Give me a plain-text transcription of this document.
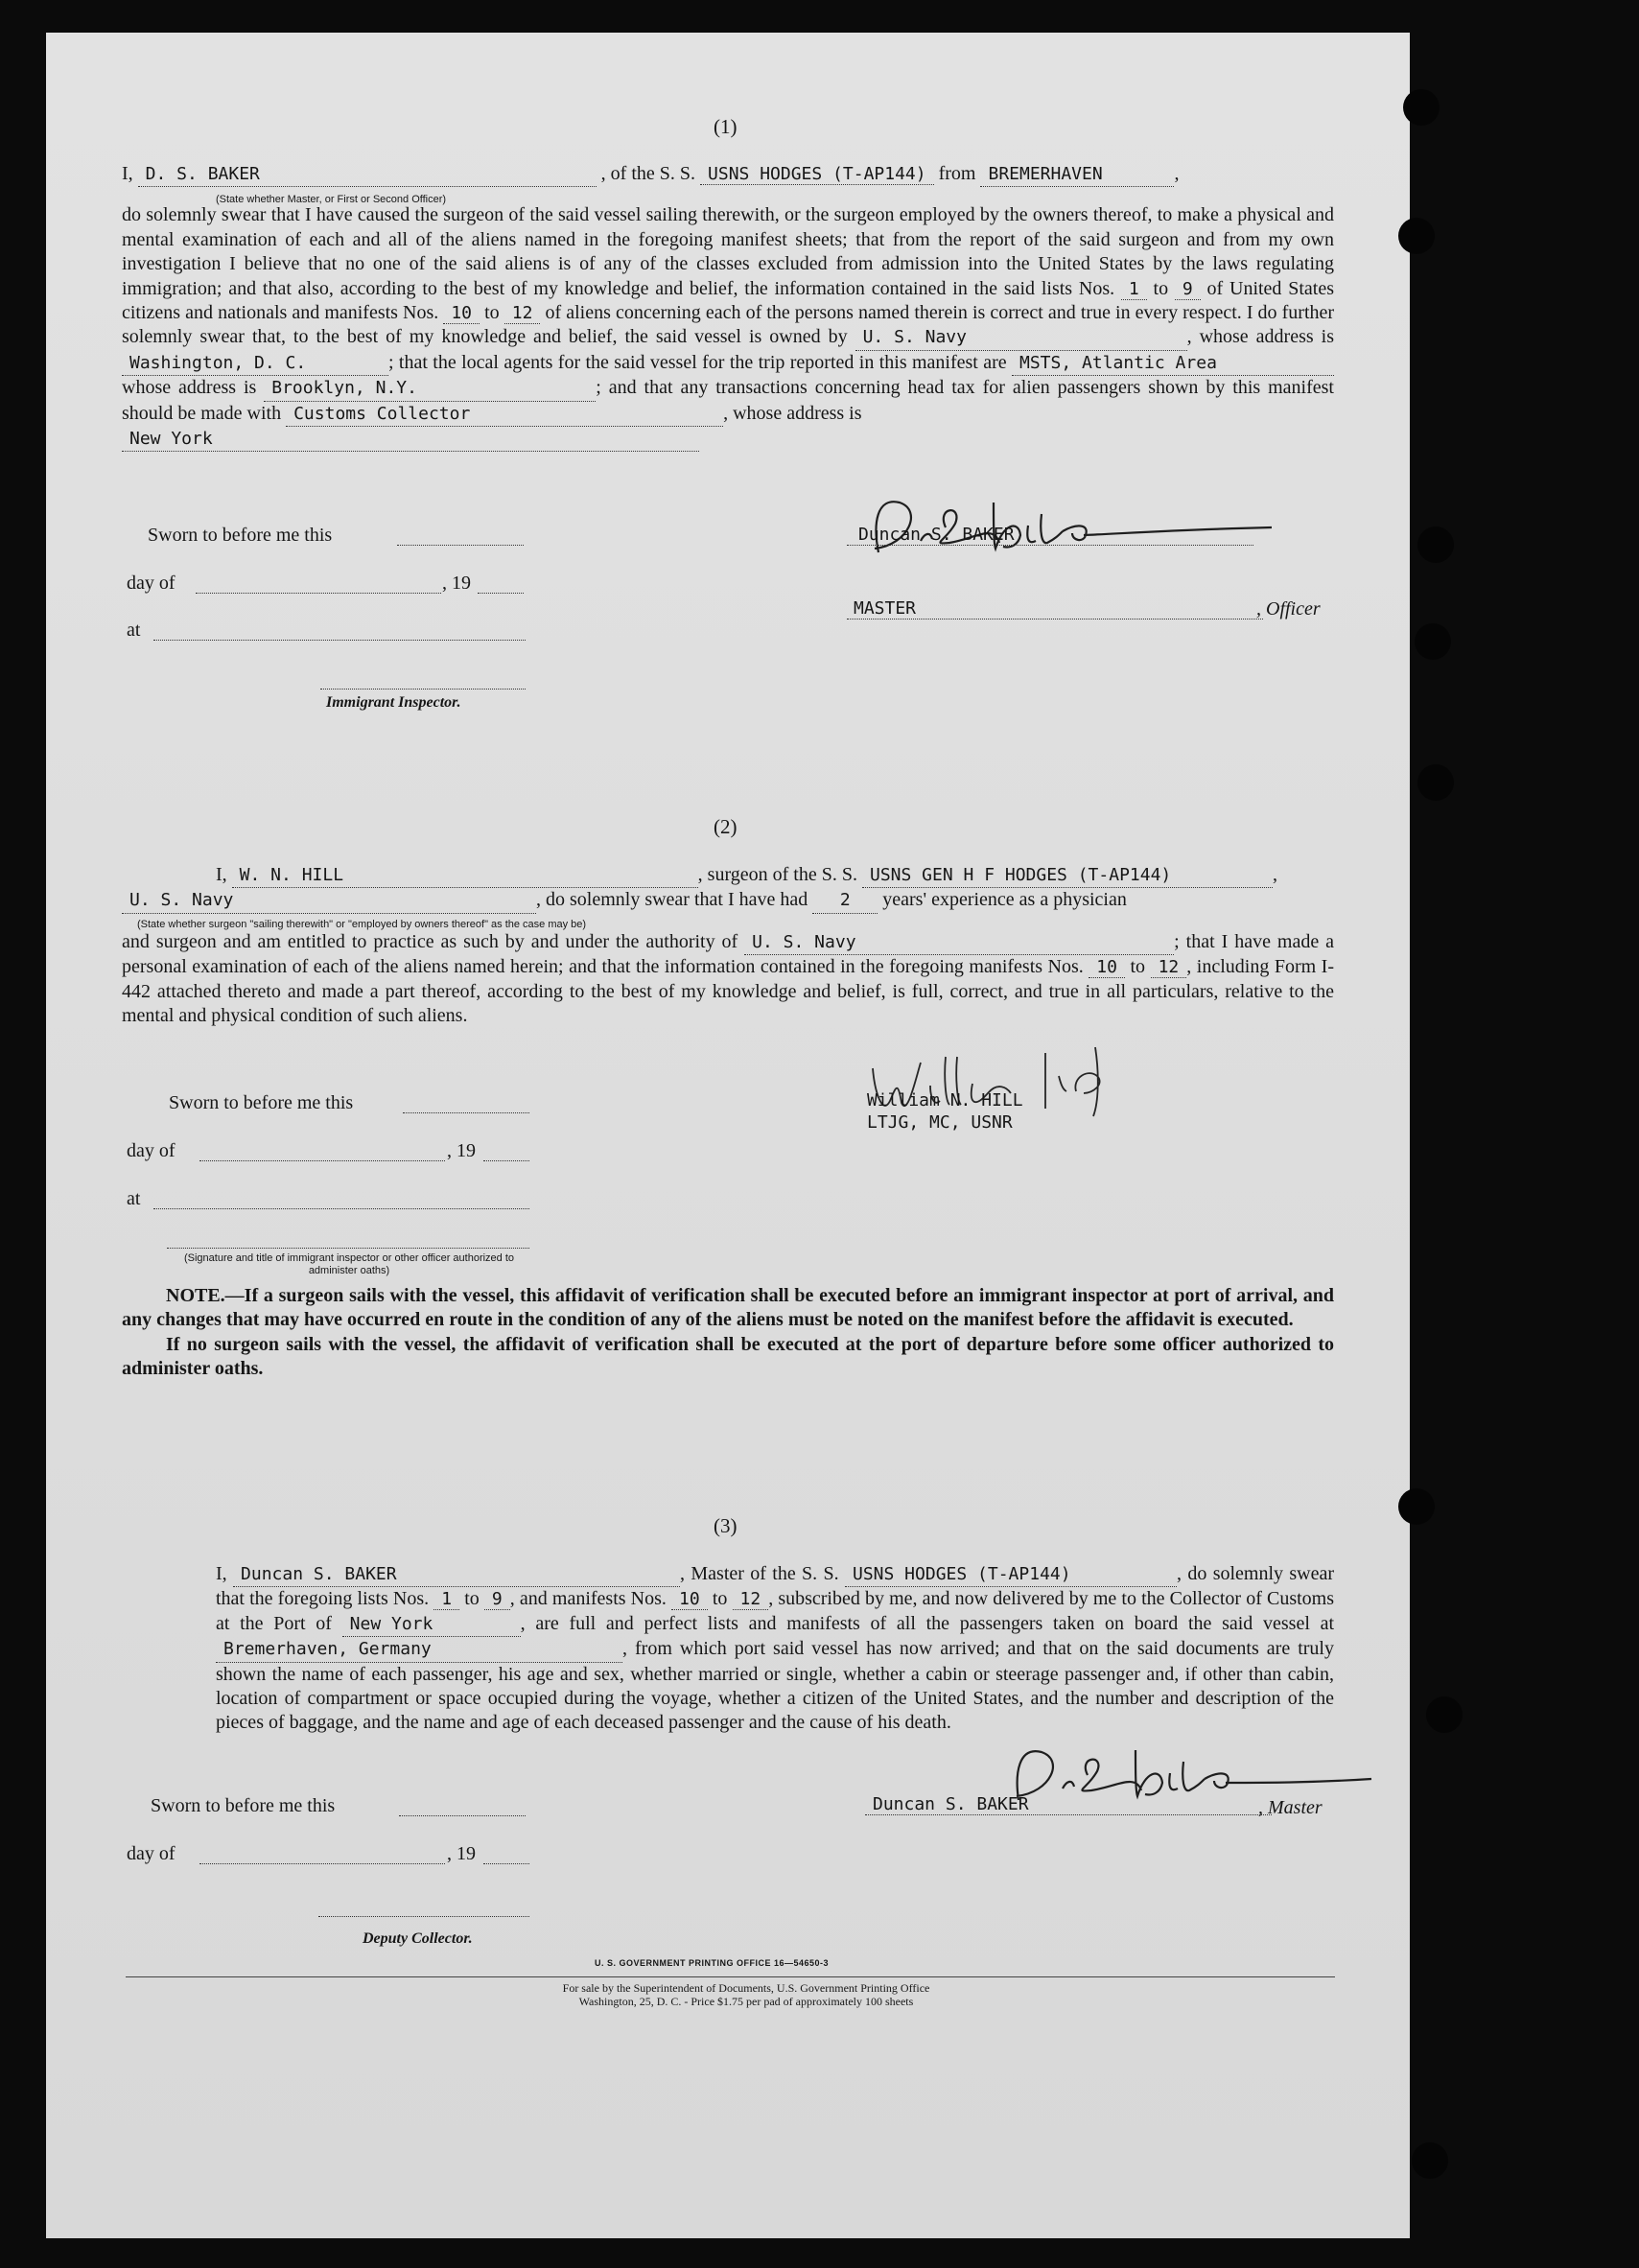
(1)

I, D. S. BAKER	, of the S. S. USNS HODGES (T-AP144) from BREMERHAVEN	,

(State whether Master, or First or Second Officer)

do solemnly swear that I have caused the surgeon of the said vessel sailing therewith, or the surgeon employed by the owners thereof, to make a physical and mental examination of each and all of the aliens named in the foregoing manifest sheets; that from the report of the said surgeon and from my own investigation I believe that no one of the said aliens is of any of the classes excluded from admission into the United States by the laws regulating immigration; and that also, according to the best of my knowledge and belief, the information contained in the said lists Nos. 1 to 9 of United States citizens and nationals and manifests Nos. 10 to 12 of aliens concerning each of the persons named therein is correct and true in every respect. I do further solemnly swear that, to the best of my knowledge and belief, the said vessel is owned by U. S. Navy	, whose address is Washington, D. C.	; that the local agents for the said vessel for the trip reported in this manifest are MSTS, Atlantic Area whose address is Brooklyn, N.Y.	; and that any transactions concerning head tax for alien passengers shown by this manifest should be made with Customs Collector	, whose address is

New York
Sworn to before me this
day of	, 19
at
Immigrant Inspector.
Duncan S. BAKER
MASTER	, Officer
(2)

I, W. N. HILL	, surgeon of the S. S. USNS GEN H F HODGES (T-AP144)	,

U. S. Navy	, do solemnly swear that I have had 2 years' experience as a physician

(State whether surgeon "sailing therewith" or "employed by owners thereof" as the case may be)

and surgeon and am entitled to practice as such by and under the authority of U. S. Navy	; that I have made a personal examination of each of the aliens named herein; and that the information contained in the foregoing manifests Nos. 10 to 12 , including Form I-442 attached thereto and made a part thereof, according to the best of my knowledge and belief, is full, correct, and true in all particulars, relative to the mental and physical condition of such aliens.

Sworn to before me this
day of	, 19
at
(Signature and title of immigrant inspector or other officer authorized to administer oaths)
William N. HILL
LTJG, MC, USNR

NOTE.—If a surgeon sails with the vessel, this affidavit of verification shall be executed before an immigrant inspector at port of arrival, and any changes that may have occurred en route in the condition of any of the aliens must be noted on the manifest before the affidavit is executed.

If no surgeon sails with the vessel, the affidavit of verification shall be executed at the port of departure before some officer authorized to administer oaths.

(3)

I, Duncan S. BAKER	, Master of the S. S. USNS HODGES (T-AP144)	, do solemnly swear that the foregoing lists Nos. 1 to 9 , and manifests Nos. 10 to 12 , subscribed by me, and now delivered by me to the Collector of Customs at the Port of New York	, are full and perfect lists and manifests of all the passengers taken on board the said vessel at Bremerhaven, Germany	, from which port said vessel has now arrived; and that on the said documents are truly shown the name of each passenger, his age and sex, whether married or single, whether a cabin or steerage passenger and, if other than cabin, location of compartment or space occupied during the voyage, whether a citizen of the United States, and the number and description of the pieces of baggage, and the name and age of each deceased passenger and the cause of his death.

Sworn to before me this
day of	, 19
Deputy Collector.
Duncan S. BAKER	, Master
U. S. GOVERNMENT PRINTING OFFICE 16—54650-3
For sale by the Superintendent of Documents, U.S. Government Printing Office
Washington, 25, D. C. - Price $1.75 per pad of approximately 100 sheets
